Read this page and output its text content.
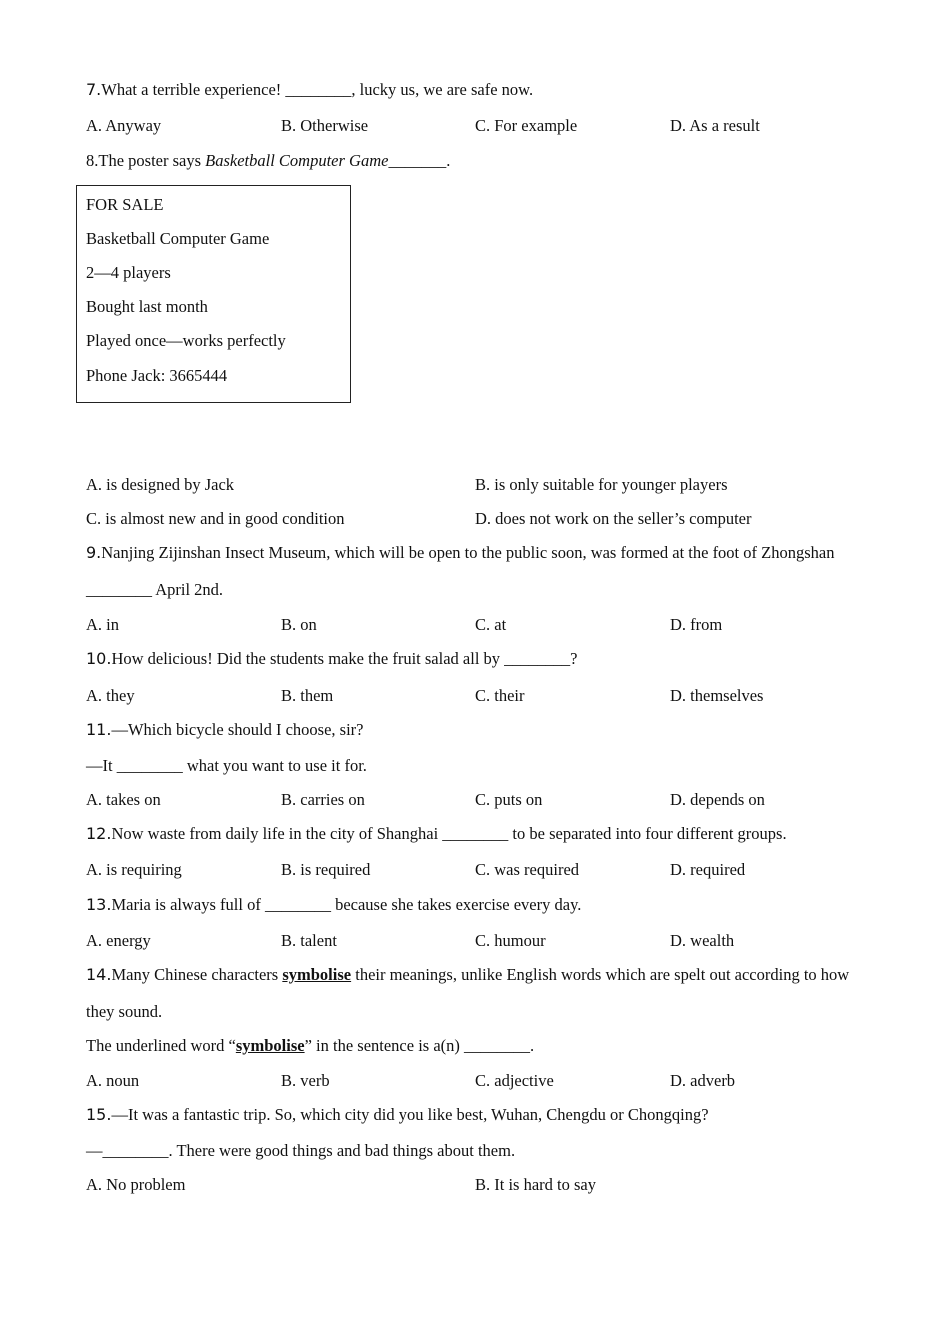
7.What a terrible experience! ________, lucky us, we are safe now.
A. Anyway	B. Otherwise	C. For example	D. As a result
8.The poster says Basketball Computer Game_______.
FOR SALE
Basketball Computer Game
2—4 players
Bought last month
Played once—works perfectly
Phone Jack: 3665444
A. is designed by Jack	B. is only suitable for younger players
C. is almost new and in good condition	D. does not work on the seller’s computer
9.Nanjing Zijinshan Insect Museum, which will be open to the public soon, was formed at the foot of Zhongshan
________ April 2nd.
A. in	B. on	C. at	D. from
10.How delicious! Did the students make the fruit salad all by ________?
A. they	B. them	C. their	D. themselves
11.—Which bicycle should I choose, sir?
—It ________ what you want to use it for.
A. takes on	B. carries on	C. puts on	D. depends on
12.Now waste from daily life in the city of Shanghai ________ to be separated into four different groups.
A. is requiring	B. is required	C. was required	D. required
13.Maria is always full of ________ because she takes exercise every day.
A. energy	B. talent	C. humour	D. wealth
14.Many Chinese characters symbolise their meanings, unlike English words which are spelt out according to how
they sound.
The underlined word “symbolise” in the sentence is a(n) ________.
A. noun	B. verb	C. adjective	D. adverb
15.—It was a fantastic trip. So, which city did you like best, Wuhan, Chengdu or Chongqing?
—________. There were good things and bad things about them.
A. No problem	B. It is hard to say
